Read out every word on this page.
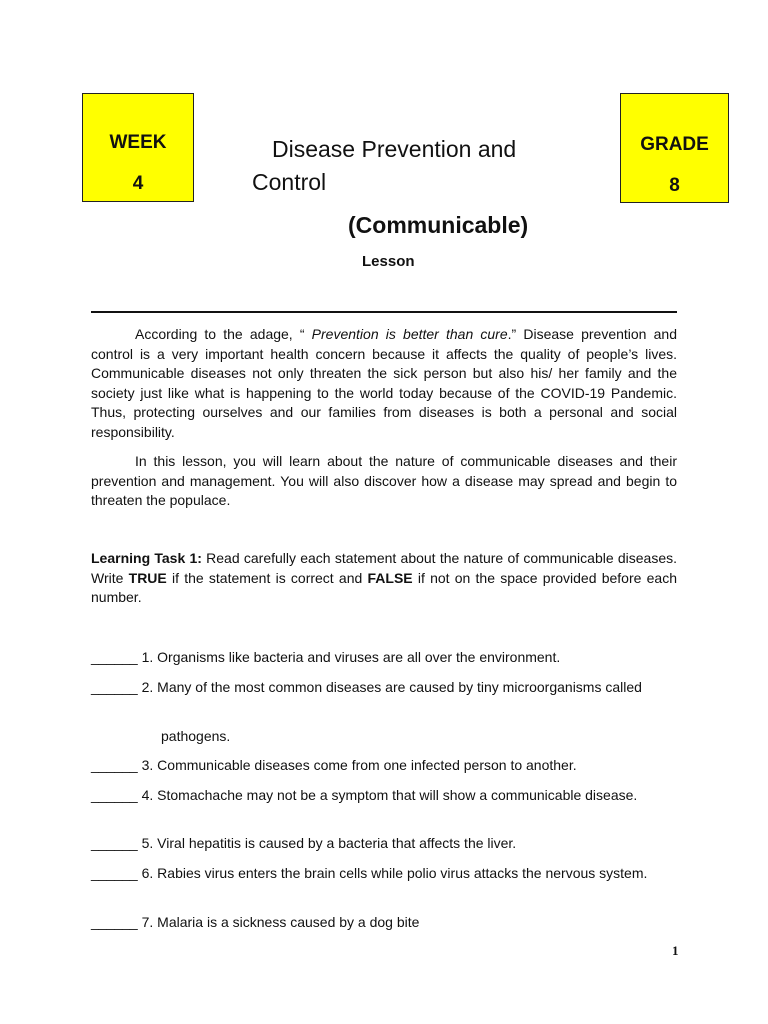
WEEK
4
GRADE
8
Disease Prevention and
Control
(Communicable)
Lesson

According to the adage, “ Prevention is better than cure.” Disease prevention and control is a very important health concern because it affects the quality of people’s lives. Communicable diseases not only threaten the sick person but also his/ her family and the society just like what is happening to the world today because of the COVID-19 Pandemic. Thus, protecting ourselves and our families from diseases is both a personal and social responsibility.

In this lesson, you will learn about the nature of communicable diseases and their prevention and management. You will also discover how a disease may spread and begin to threaten the populace.

Learning Task 1: Read carefully each statement about the nature of communicable diseases. Write TRUE if the statement is correct and FALSE if not on the space provided before each number.

______ 1. Organisms like bacteria and viruses are all over the environment.

______ 2. Many of the most common diseases are caused by tiny microorganisms called

pathogens.

______ 3. Communicable diseases come from one infected person to another.

______ 4. Stomachache may not be a symptom that will show a communicable disease.

______ 5. Viral hepatitis is caused by a bacteria that affects the liver.

______ 6. Rabies virus enters the brain cells while polio virus attacks the nervous system.

______ 7. Malaria is a sickness caused by a dog bite

1
